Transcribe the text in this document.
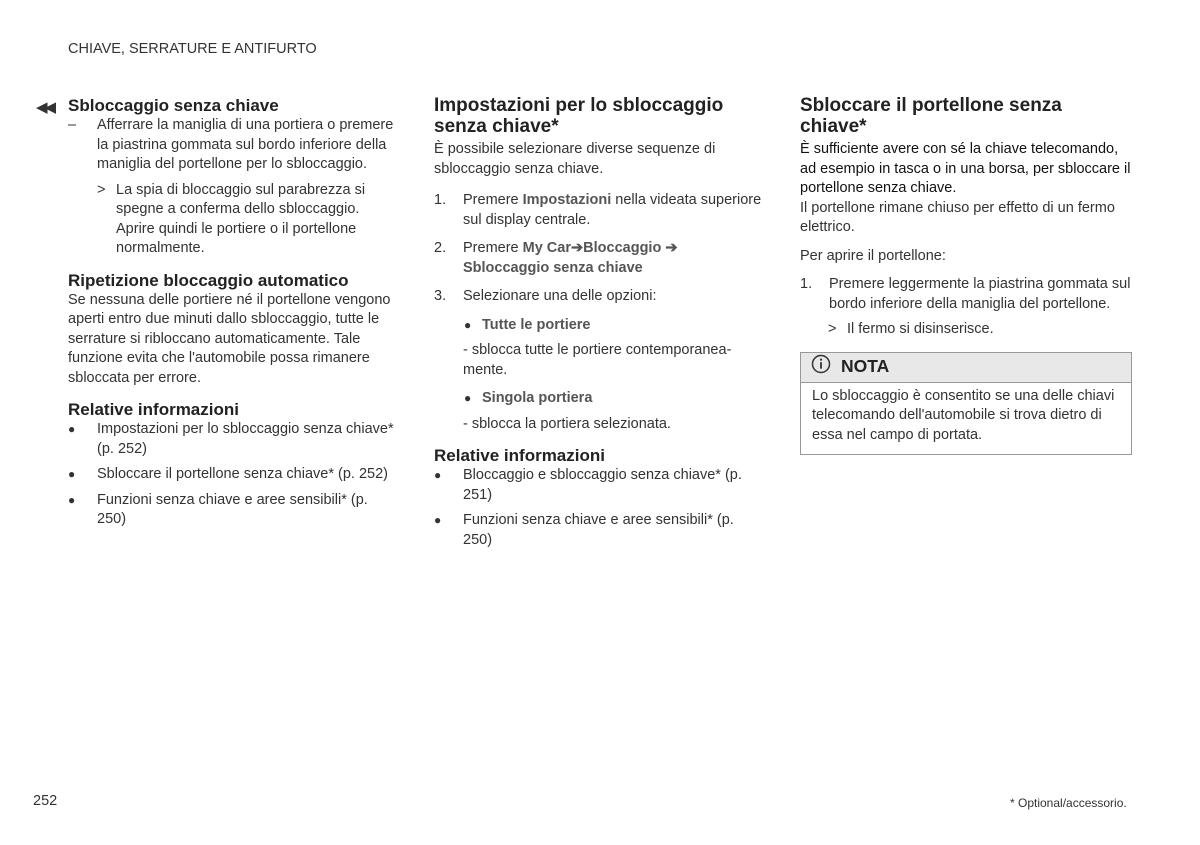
CHIAVE, SERRATURE E ANTIFURTO
◀◀ Sbloccaggio senza chiave
– Afferrare la maniglia di una portiera o premere la piastrina gommata sul bordo inferiore della maniglia del portellone per lo sbloccaggio.

> La spia di bloccaggio sul parabrezza si spegne a conferma dello sbloccaggio. Aprire quindi le portiere o il portellone normalmente.

Ripetizione bloccaggio automatico

Se nessuna delle portiere né il portellone vengono aperti entro due minuti dallo sbloccaggio, tutte le serrature si ribloccano automaticamente. Tale funzione evita che l'automobile possa rimanere sbloccata per errore.

Relative informazioni
● Impostazioni per lo sbloccaggio senza chiave* (p. 252)

● Sbloccare il portellone senza chiave* (p. 252)

● Funzioni senza chiave e aree sensibili* (p. 250)

Impostazioni per lo sbloccaggio senza chiave*

È possibile selezionare diverse sequenze di sbloccaggio senza chiave.

1. Premere Impostazioni nella videata superiore sul display centrale.

2. Premere My Car➔Bloccaggio ➔
Sbloccaggio senza chiave

3. Selezionare una delle opzioni:

● Tutte le portiere

- sblocca tutte le portiere contemporaneamente.

● Singola portiera

- sblocca la portiera selezionata.

Relative informazioni
● Bloccaggio e sbloccaggio senza chiave* (p. 251)

● Funzioni senza chiave e aree sensibili* (p. 250)

Sbloccare il portellone senza chiave*

È sufficiente avere con sé la chiave telecomando, ad esempio in tasca o in una borsa, per sbloccare il portellone senza chiave.

Il portellone rimane chiuso per effetto di un fermo elettrico.

Per aprire il portellone:

1. Premere leggermente la piastrina gommata sul bordo inferiore della maniglia del portellone.

> Il fermo si disinserisce.

NOTA
Lo sbloccaggio è consentito se una delle chiavi telecomando dell'automobile si trova dietro di essa nel campo di portata.
252	* Optional/accessorio.
